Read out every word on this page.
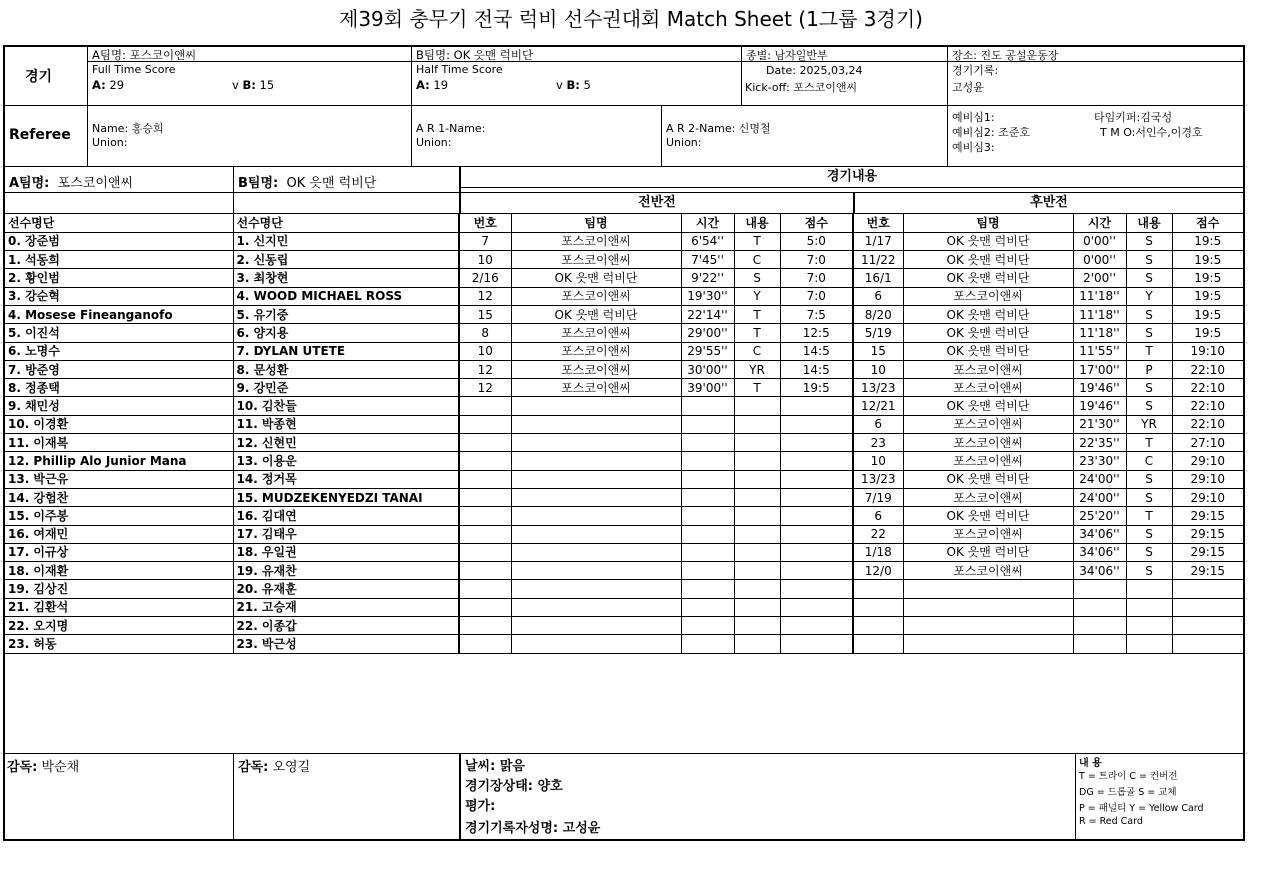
제39회 충무기 전국 럭비 선수권대회 Match Sheet (1그룹 3경기)
경기
A팀명: 포스코이앤씨
Full Time Score
A: 29	v B: 15
B팀명: OK 읏맨 럭비단
Half Time Score
A: 19	v B: 5
종별: 남자일반부
Date: 2025,03,24
Kick-off: 포스코이앤씨
장소: 진도 공설운동장
경기기록:
고성윤
Referee Name: 홍승희
Union:
A R 1-Name:
Union:
A R 2-Name: 신명철
Union:
예비심1:
예비심2: 조준호
예비심3:
타임키퍼:김국성
T M O:서인수,이경호
A팀명: 포스코이앤씨	B팀명: OK 읏맨 럭비단	경기내용
전반전	후반전
선수명단	선수명단	번호	팀명	시간	내용	점수	번호	팀명	시간	내용	점수
0. 장준범	1. 신지민	7	포스코이앤씨	6'54''	T	5:0	1/17	OK 읏맨 럭비단	0'00''	S	19:5
1. 석동희	2. 신동립	10	포스코이앤씨	7'45''	C	7:0	11/22	OK 읏맨 럭비단	0'00''	S	19:5
2. 황인범	3. 최창현	2/16	OK 읏맨 럭비단	9'22''	S	7:0	16/1	OK 읏맨 럭비단	2'00''	S	19:5
3. 강순혁	4. WOOD MICHAEL ROSS	12	포스코이앤씨	19'30''	Y	7:0	6	포스코이앤씨	11'18''	Y	19:5
4. Mosese Fineanganofo	5. 유기중	15	OK 읏맨 럭비단	22'14''	T	7:5	8/20	OK 읏맨 럭비단	11'18''	S	19:5
5. 이진석	6. 양지용	8	포스코이앤씨	29'00''	T	12:5	5/19	OK 읏맨 럭비단	11'18''	S	19:5
6. 노명수	7. DYLAN UTETE	10	포스코이앤씨	29'55''	C	14:5	15	OK 읏맨 럭비단	11'55''	T	19:10
7. 방준영	8. 문성환	12	포스코이앤씨	30'00''	YR	14:5	10	포스코이앤씨	17'00''	P	22:10
8. 정종택	9. 강민준	12	포스코이앤씨	39'00''	T	19:5	13/23	포스코이앤씨	19'46''	S	22:10
9. 채민성	10. 김찬들						12/21	OK 읏맨 럭비단	19'46''	S	22:10
10. 이경환	11. 박종현						6	포스코이앤씨	21'30''	YR	22:10
11. 이재복	12. 신현민						23	포스코이앤씨	22'35''	T	27:10
12. Phillip Alo Junior Mana	13. 이용운						10	포스코이앤씨	23'30''	C	29:10
13. 박근유	14. 정거목						13/23	OK 읏맨 럭비단	24'00''	S	29:10
14. 강험찬	15. MUDZEKENYEDZI TANAI						7/19	포스코이앤씨	24'00''	S	29:10
15. 이주봉	16. 김대연						6	OK 읏맨 럭비단	25'20''	T	29:15
16. 여재민	17. 김태우						22	포스코이앤씨	34'06''	S	29:15
17. 이규상	18. 우일권						1/18	OK 읏맨 럭비단	34'06''	S	29:15
18. 이재환	19. 유재찬						12/0	포스코이앤씨	34'06''	S	29:15
19. 김상진	20. 유재훈										
21. 김환석	21. 고승재										
22. 오지명	22. 이종갑										
23. 허동	23. 박근성										
감독: 박순채	감독: 오영길	날씨: 맑음
경기장상태: 양호
평가:
경기기록자성명: 고성윤
내 용
T = 트라이 C = 컨버전
DG = 드롭골 S = 교체
P = 패널티 Y = Yellow Card
R = Red Card
